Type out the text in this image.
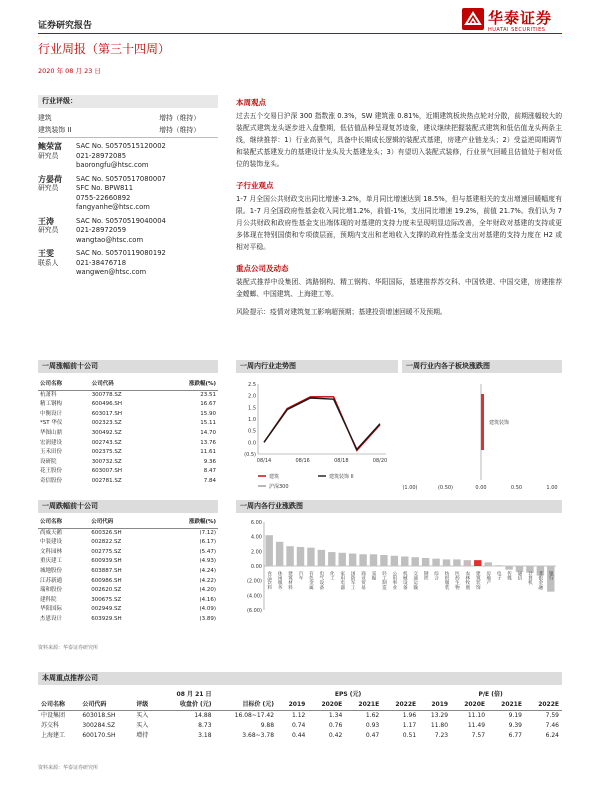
证券研究报告	华泰证券
HUATAI SECURITIES
行业周报（第三十四周）
2020 年 08 月 23 日
行业评级：
建筑	增持（维持）
建筑装饰 II	增持（维持）
鲍荣富
研究员
SAC No. S0570515120002
021-28972085
baorongfu@htsc.com
方晏荷
研究员
SAC No. S0570517080007
SFC No. BPW811
0755-22660892
fangyanhe@htsc.com
王涛
研究员
SAC No. S0570519040004
021-28972059
wangtao@htsc.com
王雯
联系人
SAC No. S0570119080192
021-38476718
wangwen@htsc.com
本周观点
过去五个交易日沪深 300 指数涨 0.3%，SW 建筑涨 0.81%，近期建筑板块热点轮对分散，前期涨幅较大的装配式建筑龙头逐步进入盘整期，低估值品种呈现复苏迹象，建议继续把握装配式建筑和低估值龙头两条主线，继续推荐：1）行业高景气，具备中长期成长逻辑的装配式基建，房建产业链龙头；2）受益逆周期调节和装配式基建发力的基建设计龙头及大基建龙头；3）有望切入装配式装修，行业景气回暖且估值处于相对低位的装饰龙头。
子行业观点
1-7 月全国公共财政支出同比增速-3.2%，单月同比增速达到 18.5%，但与基建相关的支出增速回暖幅度有限。1-7 月全国政府性基金收入同比增1.2%，前值-1%，支出同比增速 19.2%，前值 21.7%。我们认为 7 月公共财政和政府性基金支出端体现的对基建的支持力度未呈现明显边际改善，全年财政对基建的支持或更多体现在特别国债和专项债层面，预期内支出和老地收入支撑的政府性基金支出对基建的支持力度在 H2 或相对平稳。
重点公司及动态
装配式推荐中设集团、鸿路钢构、精工钢构、华阳国际，基建推荐苏交科、中国铁建、中国交建，房建推荐金螳螂、中国建筑、上海建工等。
风险提示：疫情对建筑复工影响超预期；基建投资增速回暖不及预期。
一周涨幅前十公司	一周内行业走势图	一周行业内各子板块涨跌图
公司名称	公司代码	涨跌幅(%)
杭萧科	300778.SZ	23.51
精工钢构	600496.SH	16.67
中衡设计	603017.SH	15.90
*ST 华仪	002323.SZ	15.11
华图山鼎	300492.SZ	14.70
宏润建设	002743.SZ	13.76
玉禾田份	002375.SZ	11.61
设研院	300732.SZ	9.36
花王股份	603007.SH	8.47
奇信股份	002781.SZ	7.84
(0.5)
0.0
0.5
1.0
1.5
2.0
2.5
08/14	08/16	08/18	08/20
建筑	建筑装饰 II
沪深300	(1.00)	(0.50)	0.00	0.50	1.00
建筑装饰
一周跌幅前十公司	一周内各行业涨跌图
公司名称	公司代码	涨跌幅(%)
尚威天鹅	600326.SH	(7.12)
中装建设	002822.SZ	(6.17)
文科园林	002775.SZ	(5.47)
重庆建工	600939.SH	(4.93)
城地股份	603887.SH	(4.24)
江苏新通	600986.SH	(4.22)
瑞和股份	002620.SZ	(4.20)
建科院	300675.SZ	(4.16)
华阳国际	002949.SZ	(4.09)
杰恩设计	603929.SH	(3.89)
资料来源：华泰证券研究所
6.00
4.00
2.00
0.00
(2.00)
(4.00)
(6.00)
食品饮料 休闲服务 建筑材料 汽车 有色金属 电气设备 化工 家用电器 国防军工 商业贸易 采掘 轻工制造 公用事业 机械设备 交通运输 钢铁 综合 纺织服装 医药生物 农林牧渔 建筑装饰 房地产 电子 传媒 通信 计算机 非银金融 银行
本周重点推荐公司
			08 月 21 日		EPS (元)				P/E (倍)			
公司名称	公司代码	评级	收盘价 (元)	目标价 (元)	2019	2020E	2021E	2022E	2019	2020E	2021E	2022E
中设集团	603018.SH	买入	14.88	16.08~17.42	1.12	1.34	1.62	1.96	13.29	11.10	9.19	7.59
苏交科	300284.SZ	买入	8.73	9.88	0.74	0.76	0.93	1.17	11.80	11.49	9.39	7.46
上海建工	600170.SH	增持	3.18	3.68~3.78	0.44	0.42	0.47	0.51	7.23	7.57	6.77	6.24
资料来源：华泰证券研究所
